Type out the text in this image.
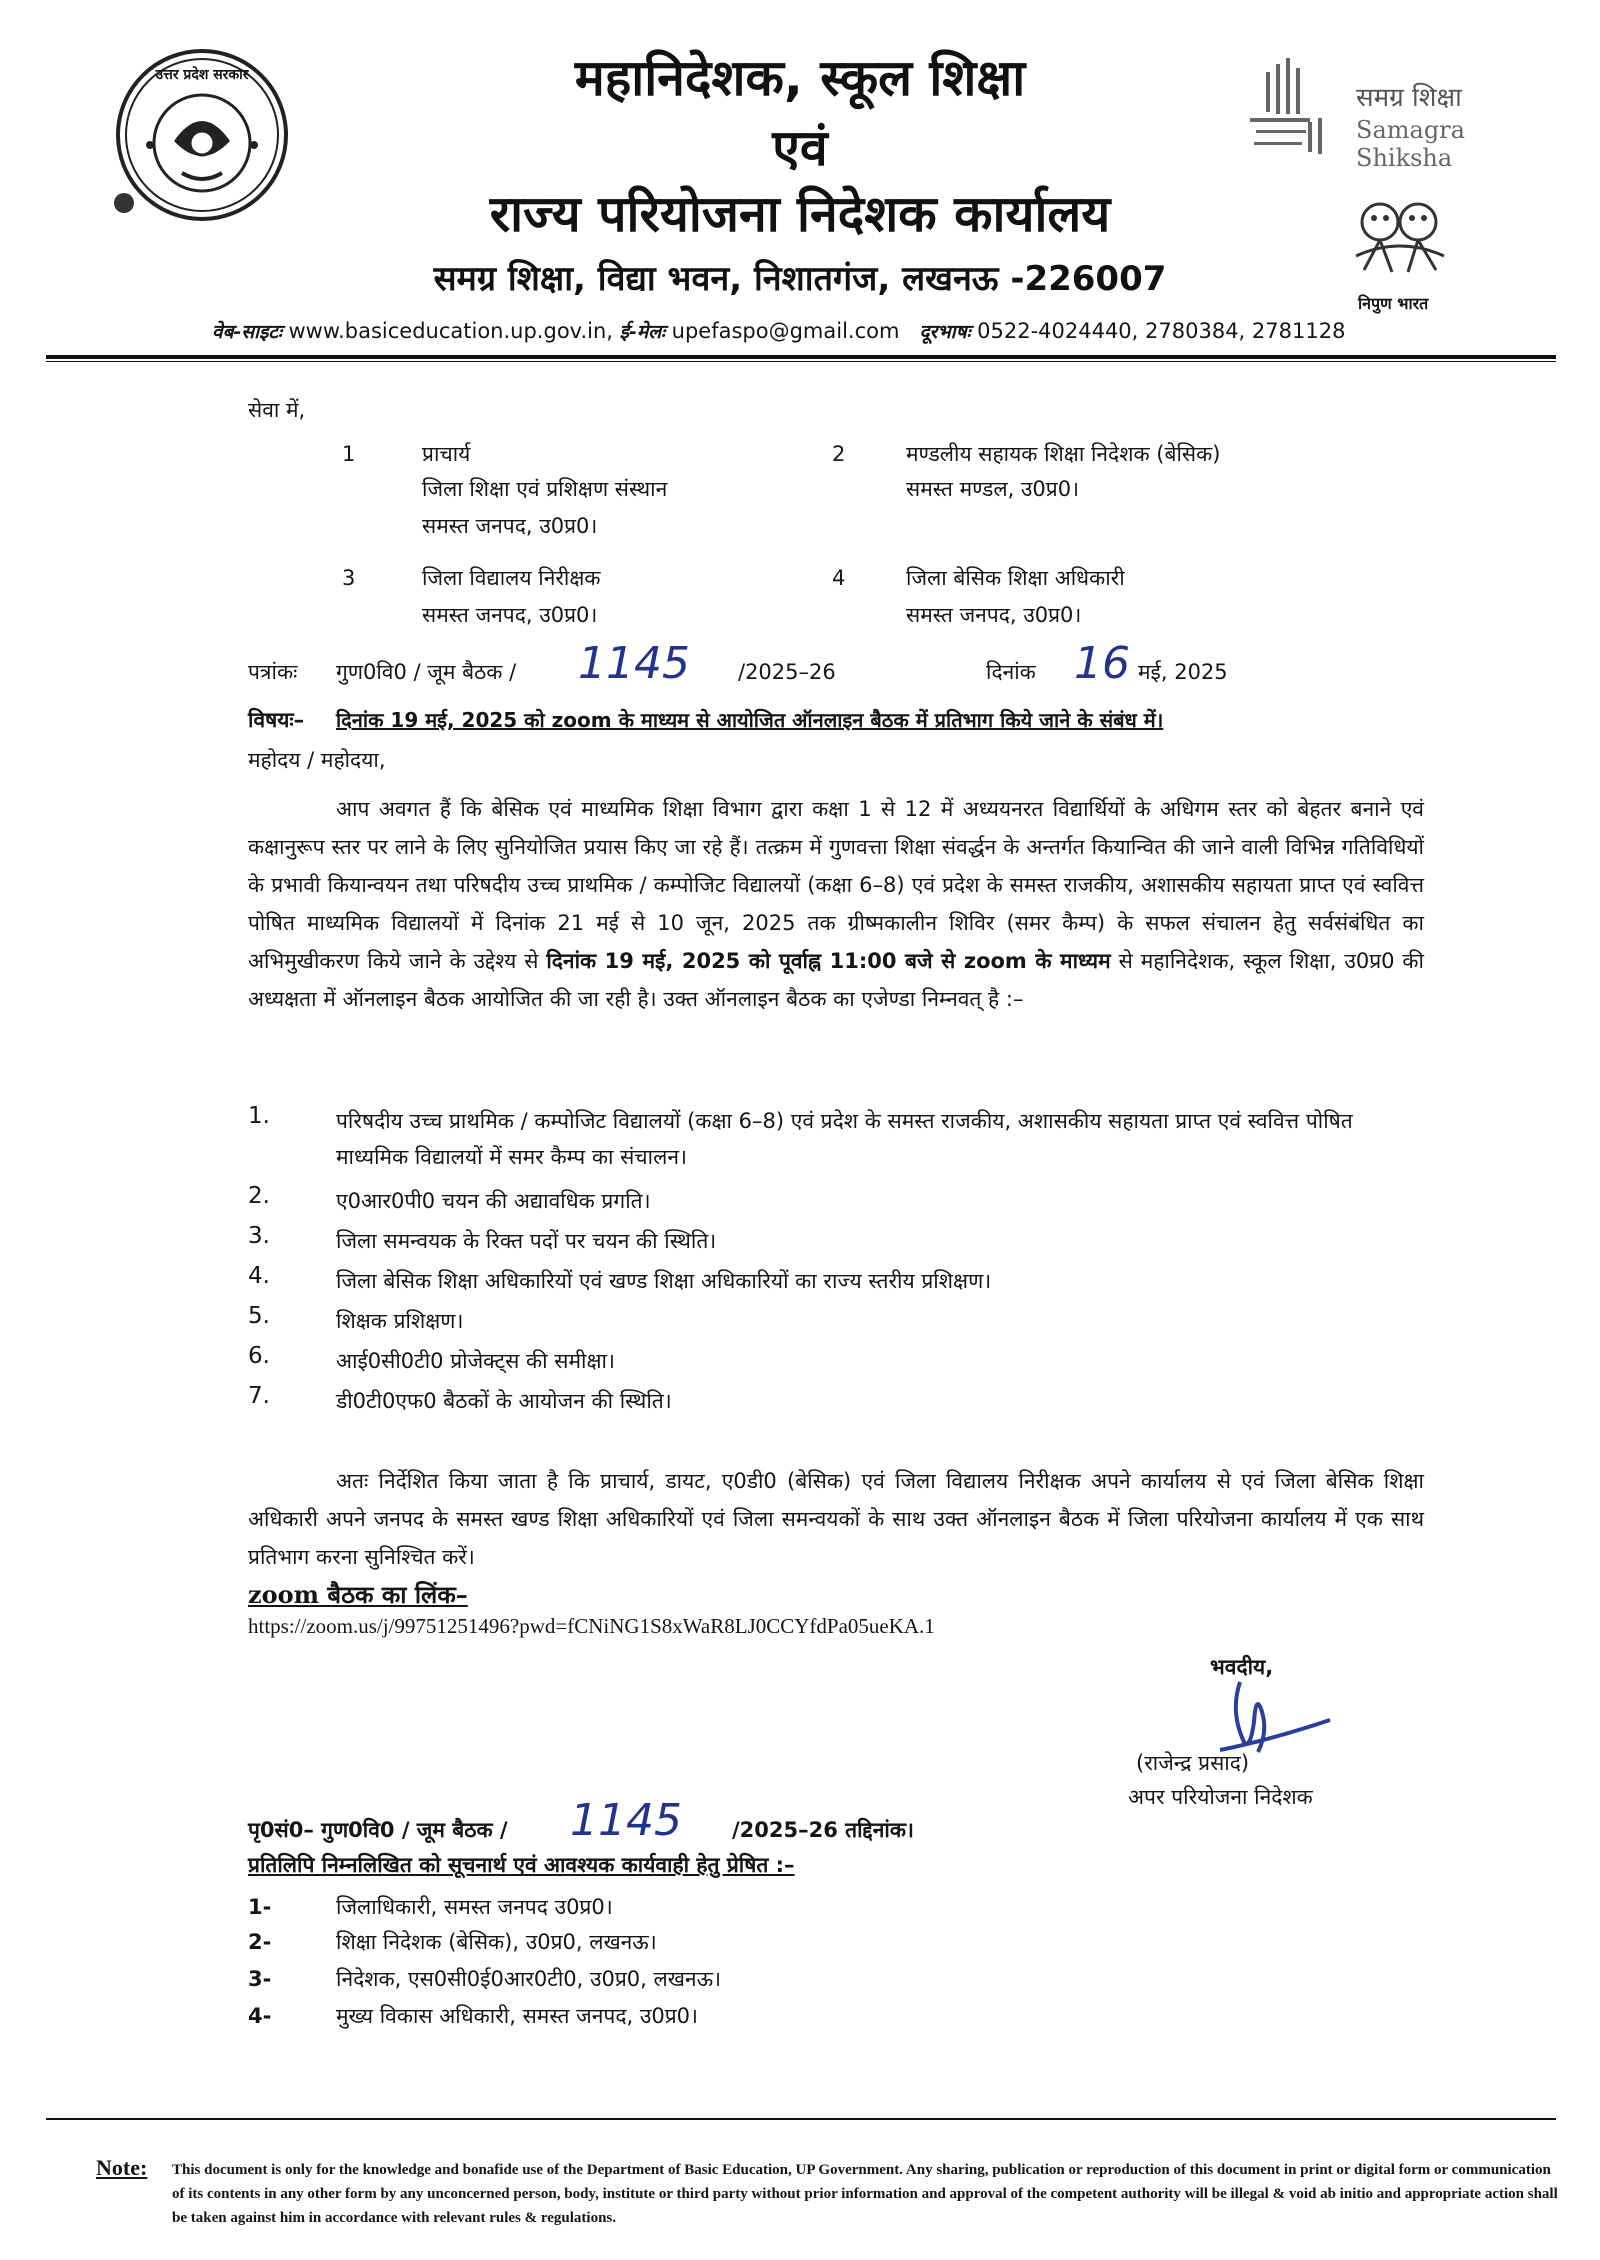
उत्तर प्रदेश सरकार	महानिदेशक, स्कूल शिक्षा
एवं
राज्य परियोजना निदेशक कार्यालय
समग्र शिक्षा, विद्या भवन, निशातगंज, लखनऊ -226007
समग्र शिक्षा
Samagra Shiksha
निपुण भारत
वेब-साइटः www.basiceducation.up.gov.in, ई-मेलः upefaspo@gmail.com दूरभाषः 0522-4024440, 2780384, 2781128
सेवा में,
1	प्राचार्य
जिला शिक्षा एवं प्रशिक्षण संस्थान
समस्त जनपद, उ0प्र0।
2	मण्डलीय सहायक शिक्षा निदेशक (बेसिक)
समस्त मण्डल, उ0प्र0।
3	जिला विद्यालय निरीक्षक
समस्त जनपद, उ0प्र0।
4	जिला बेसिक शिक्षा अधिकारी
समस्त जनपद, उ0प्र0।
पत्रांकः गुण0वि0 / जूम बैठक / 1145 /2025–26	दिनांक 16 मई, 2025
विषयः– दिनांक 19 मई, 2025 को zoom के माध्यम से आयोजित ऑनलाइन बैठक में प्रतिभाग किये जाने के संबंध में।
महोदय / महोदया,

आप अवगत हैं कि बेसिक एवं माध्यमिक शिक्षा विभाग द्वारा कक्षा 1 से 12 में अध्ययनरत विद्यार्थियों के अधिगम स्तर को बेहतर बनाने एवं कक्षानुरूप स्तर पर लाने के लिए सुनियोजित प्रयास किए जा रहे हैं। तत्क्रम में गुणवत्ता शिक्षा संवर्द्धन के अन्तर्गत कियान्वित की जाने वाली विभिन्न गतिविधियों के प्रभावी कियान्वयन तथा परिषदीय उच्च प्राथमिक / कम्पोजिट विद्यालयों (कक्षा 6–8) एवं प्रदेश के समस्त राजकीय, अशासकीय सहायता प्राप्त एवं स्ववित्त पोषित माध्यमिक विद्यालयों में दिनांक 21 मई से 10 जून, 2025 तक ग्रीष्मकालीन शिविर (समर कैम्प) के सफल संचालन हेतु सर्वसंबंधित का अभिमुखीकरण किये जाने के उद्देश्य से दिनांक 19 मई, 2025 को पूर्वाह्न 11:00 बजे से zoom के माध्यम से महानिदेशक, स्कूल शिक्षा, उ0प्र0 की अध्यक्षता में ऑनलाइन बैठक आयोजित की जा रही है। उक्त ऑनलाइन बैठक का एजेण्डा निम्नवत् है :–

1.	परिषदीय उच्च प्राथमिक / कम्पोजिट विद्यालयों (कक्षा 6–8) एवं प्रदेश के समस्त राजकीय, अशासकीय सहायता प्राप्त एवं स्ववित्त पोषित माध्यमिक विद्यालयों में समर कैम्प का संचालन।
2.	ए0आर0पी0 चयन की अद्यावधिक प्रगति।
3.	जिला समन्वयक के रिक्त पदों पर चयन की स्थिति।
4.	जिला बेसिक शिक्षा अधिकारियों एवं खण्ड शिक्षा अधिकारियों का राज्य स्तरीय प्रशिक्षण।
5.	शिक्षक प्रशिक्षण।
6.	आई0सी0टी0 प्रोजेक्ट्स की समीक्षा।
7.	डी0टी0एफ0 बैठकों के आयोजन की स्थिति।

अतः निर्देशित किया जाता है कि प्राचार्य, डायट, ए0डी0 (बेसिक) एवं जिला विद्यालय निरीक्षक अपने कार्यालय से एवं जिला बेसिक शिक्षा अधिकारी अपने जनपद के समस्त खण्ड शिक्षा अधिकारियों एवं जिला समन्वयकों के साथ उक्त ऑनलाइन बैठक में जिला परियोजना कार्यालय में एक साथ प्रतिभाग करना सुनिश्चित करें।

zoom बैठक का लिंक–
https://zoom.us/j/99751251496?pwd=fCNiNG1S8xWaR8LJ0CCYfdPa05ueKA.1
भवदीय,
(राजेन्द्र प्रसाद)
अपर परियोजना निदेशक
पृ0सं0– गुण0वि0 / जूम बैठक / 1145 /2025–26 तद्दिनांक।
प्रतिलिपि निम्नलिखित को सूचनार्थ एवं आवश्यक कार्यवाही हेतु प्रेषित :–
1-	जिलाधिकारी, समस्त जनपद उ0प्र0।
2-	शिक्षा निदेशक (बेसिक), उ0प्र0, लखनऊ।
3-	निदेशक, एस0सी0ई0आर0टी0, उ0प्र0, लखनऊ।
4-	मुख्य विकास अधिकारी, समस्त जनपद, उ0प्र0।
Note: This document is only for the knowledge and bonafide use of the Department of Basic Education, UP Government. Any sharing, publication or reproduction of this document in print or digital form or communication of its contents in any other form by any unconcerned person, body, institute or third party without prior information and approval of the competent authority will be illegal & void ab initio and appropriate action shall be taken against him in accordance with relevant rules & regulations.
